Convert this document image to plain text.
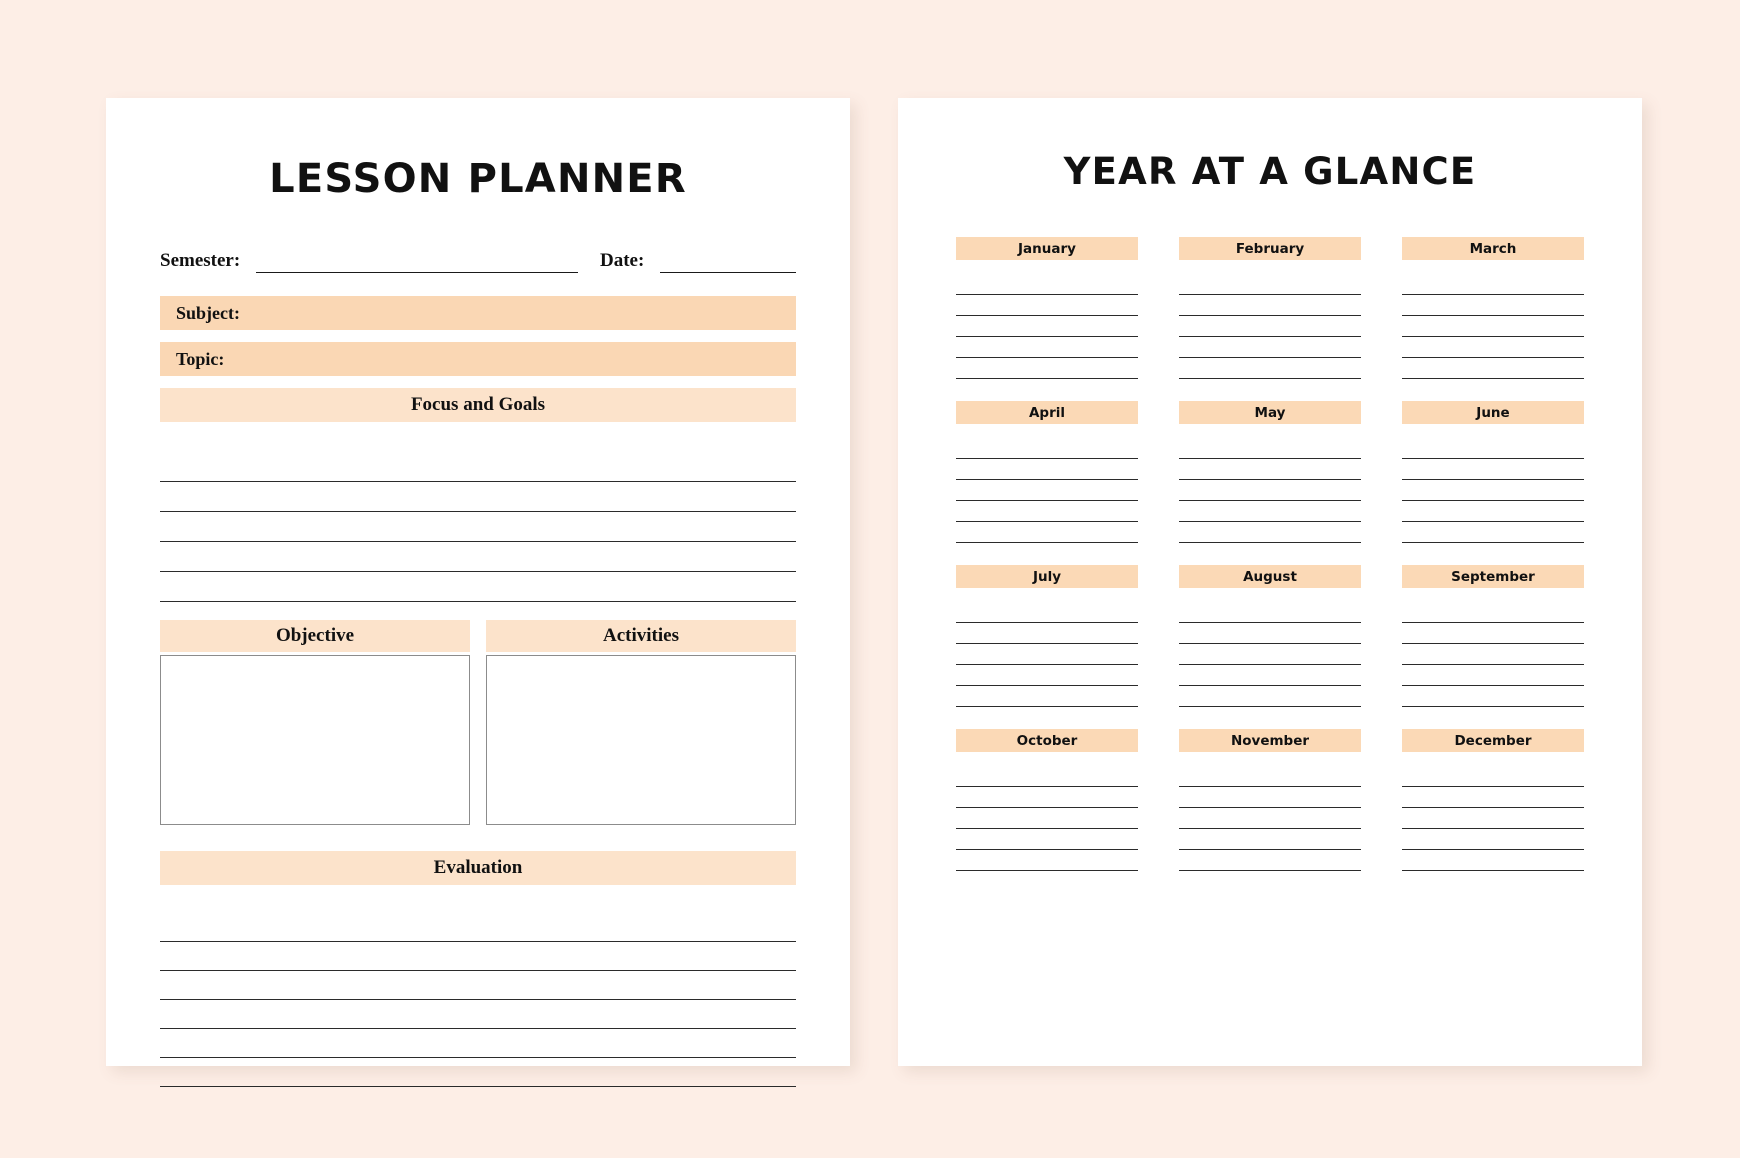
LESSON PLANNER
Semester:	Date:
Subject:
Topic:
Focus and Goals
Objective	Activities
Evaluation
YEAR AT A GLANCE
January	February	March
April	May	June
July	August	September
October	November	December
